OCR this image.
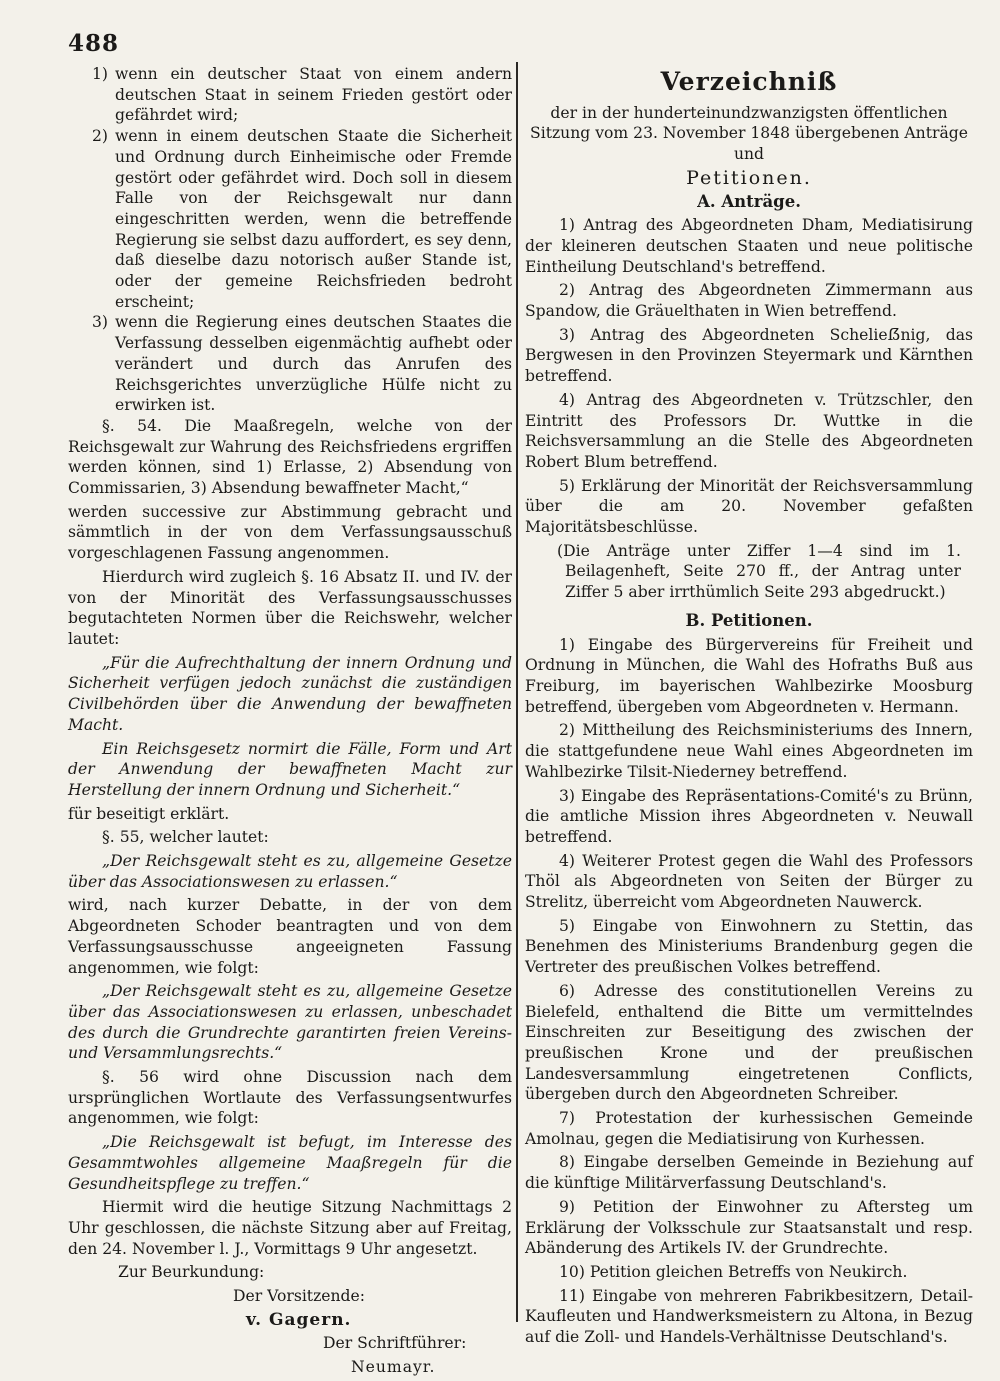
488
1) wenn ein deutscher Staat von einem andern deutschen Staat in seinem Frieden gestört oder gefährdet wird;
2) wenn in einem deutschen Staate die Sicherheit und Ordnung durch Einheimische oder Fremde gestört oder gefährdet wird. Doch soll in diesem Falle von der Reichsgewalt nur dann eingeschritten werden, wenn die betreffende Regierung sie selbst dazu auffordert, es sey denn, daß dieselbe dazu notorisch außer Stande ist, oder der gemeine Reichsfrieden bedroht erscheint;
3) wenn die Regierung eines deutschen Staates die Verfassung desselben eigenmächtig aufhebt oder verändert und durch das Anrufen des Reichsgerichtes unverzügliche Hülfe nicht zu erwirken ist.

§. 54. Die Maaßregeln, welche von der Reichsgewalt zur Wahrung des Reichsfriedens ergriffen werden können, sind 1) Erlasse, 2) Absendung von Commissarien, 3) Absendung bewaffneter Macht,“

werden successive zur Abstimmung gebracht und sämmtlich in der von dem Verfassungsausschuß vorgeschlagenen Fassung angenommen.

Hierdurch wird zugleich §. 16 Absatz II. und IV. der von der Minorität des Verfassungsausschusses begutachteten Normen über die Reichswehr, welcher lautet:

„Für die Aufrechthaltung der innern Ordnung und Sicherheit verfügen jedoch zunächst die zuständigen Civilbehörden über die Anwendung der bewaffneten Macht.

Ein Reichsgesetz normirt die Fälle, Form und Art der Anwendung der bewaffneten Macht zur Herstellung der innern Ordnung und Sicherheit.“

für beseitigt erklärt.

§. 55, welcher lautet:

„Der Reichsgewalt steht es zu, allgemeine Gesetze über das Associationswesen zu erlassen.“

wird, nach kurzer Debatte, in der von dem Abgeordneten Schoder beantragten und von dem Verfassungsausschusse angeeigneten Fassung angenommen, wie folgt:

„Der Reichsgewalt steht es zu, allgemeine Gesetze über das Associationswesen zu erlassen, unbeschadet des durch die Grundrechte garantirten freien Vereins- und Versammlungsrechts.“

§. 56 wird ohne Discussion nach dem ursprünglichen Wortlaute des Verfassungsentwurfes angenommen, wie folgt:

„Die Reichsgewalt ist befugt, im Interesse des Gesammtwohles allgemeine Maaßregeln für die Gesundheitspflege zu treffen.“

Hiermit wird die heutige Sitzung Nachmittags 2 Uhr geschlossen, die nächste Sitzung aber auf Freitag, den 24. November l. J., Vormittags 9 Uhr angesetzt.

Zur Beurkundung:

Der Vorsitzende:

v. Gagern.

Der Schriftführer:

Neumayr.

Verzeichniß

der in der hunderteinundzwanzigsten öffentlichen Sitzung vom 23. November 1848 übergebenen Anträge und

Petitionen.

A. Anträge.

1) Antrag des Abgeordneten Dham, Mediatisirung der kleineren deutschen Staaten und neue politische Eintheilung Deutschland's betreffend.

2) Antrag des Abgeordneten Zimmermann aus Spandow, die Gräuelthaten in Wien betreffend.

3) Antrag des Abgeordneten Schelieẞnig, das Bergwesen in den Provinzen Steyermark und Kärnthen betreffend.

4) Antrag des Abgeordneten v. Trützschler, den Eintritt des Professors Dr. Wuttke in die Reichsversammlung an die Stelle des Abgeordneten Robert Blum betreffend.

5) Erklärung der Minorität der Reichsversammlung über die am 20. November gefaßten Majoritätsbeschlüsse.

(Die Anträge unter Ziffer 1—4 sind im 1. Beilagenheft, Seite 270 ff., der Antrag unter Ziffer 5 aber irrthümlich Seite 293 abgedruckt.)

B. Petitionen.

1) Eingabe des Bürgervereins für Freiheit und Ordnung in München, die Wahl des Hofraths Buß aus Freiburg, im bayerischen Wahlbezirke Moosburg betreffend, übergeben vom Abgeordneten v. Hermann.

2) Mittheilung des Reichsministeriums des Innern, die stattgefundene neue Wahl eines Abgeordneten im Wahlbezirke Tilsit-Niederney betreffend.

3) Eingabe des Repräsentations-Comité's zu Brünn, die amtliche Mission ihres Abgeordneten v. Neuwall betreffend.

4) Weiterer Protest gegen die Wahl des Professors Thöl als Abgeordneten von Seiten der Bürger zu Strelitz, überreicht vom Abgeordneten Nauwerck.

5) Eingabe von Einwohnern zu Stettin, das Benehmen des Ministeriums Brandenburg gegen die Vertreter des preußischen Volkes betreffend.

6) Adresse des constitutionellen Vereins zu Bielefeld, enthaltend die Bitte um vermittelndes Einschreiten zur Beseitigung des zwischen der preußischen Krone und der preußischen Landesversammlung eingetretenen Conflicts, übergeben durch den Abgeordneten Schreiber.

7) Protestation der kurhessischen Gemeinde Amolnau, gegen die Mediatisirung von Kurhessen.

8) Eingabe derselben Gemeinde in Beziehung auf die künftige Militärverfassung Deutschland's.

9) Petition der Einwohner zu Aftersteg um Erklärung der Volksschule zur Staatsanstalt und resp. Abänderung des Artikels IV. der Grundrechte.

10) Petition gleichen Betreffs von Neukirch.

11) Eingabe von mehreren Fabrikbesitzern, Detail-Kaufleuten und Handwerksmeistern zu Altona, in Bezug auf die Zoll- und Handels-Verhältnisse Deutschland's.
